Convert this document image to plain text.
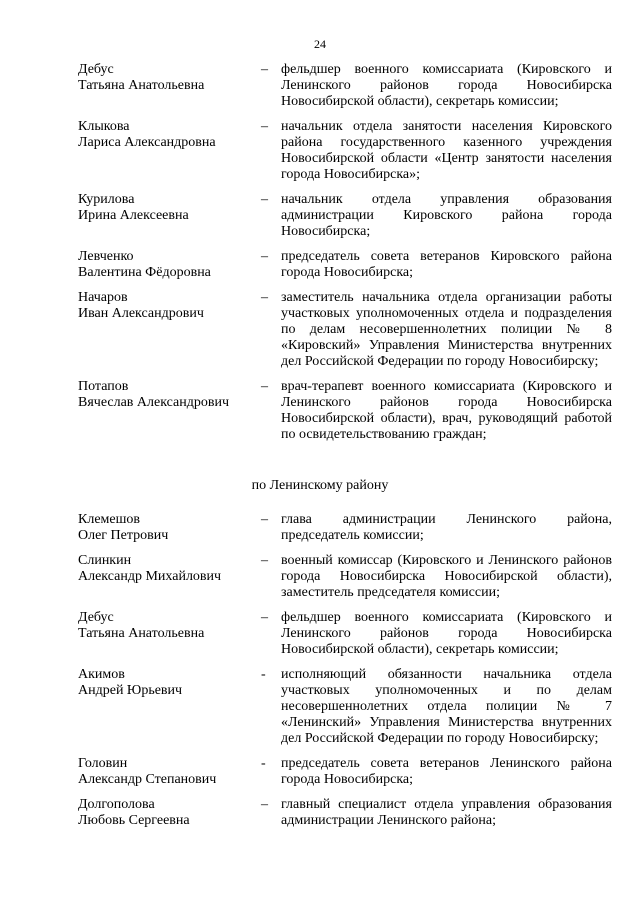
24
Дебус
Татьяна Анатольевна
– фельдшер военного комиссариата (Кировского и Ленинского районов города Новосибирска Новосибирской области), секретарь комиссии;
Клыкова
Лариса Александровна
– начальник отдела занятости населения Кировского района государственного казенного учреждения Новосибирской области «Центр занятости населения города Новосибирска»;
Курилова
Ирина Алексеевна
– начальник отдела управления образования администрации Кировского района города Новосибирска;
Левченко
Валентина Фёдоровна
– председатель совета ветеранов Кировского района города Новосибирска;
Начаров
Иван Александрович
– заместитель начальника отдела организации работы участковых уполномоченных отдела и подразделения по делам несовершеннолетних полиции № 8 «Кировский» Управления Министерства внутренних дел Российской Федерации по городу Новосибирску;
Потапов
Вячеслав Александрович
– врач-терапевт военного комиссариата (Кировского и Ленинского районов города Новосибирска Новосибирской области), врач, руководящий работой по освидетельствованию граждан;
по Ленинскому району
Клемешов
Олег Петрович
– глава администрации Ленинского района, председатель комиссии;
Слинкин
Александр Михайлович
– военный комиссар (Кировского и Ленинского районов города Новосибирска Новосибирской области), заместитель председателя комиссии;
Дебус
Татьяна Анатольевна
– фельдшер военного комиссариата (Кировского и Ленинского районов города Новосибирска Новосибирской области), секретарь комиссии;
Акимов
Андрей Юрьевич
-	исполняющий обязанности начальника отдела участковых уполномоченных и по делам несовершеннолетних отдела полиции № 7 «Ленинский» Управления Министерства внутренних дел Российской Федерации по городу Новосибирску;
Головин
Александр Степанович
-	председатель совета ветеранов Ленинского района города Новосибирска;
Долгополова
Любовь Сергеевна
– главный специалист отдела управления образования администрации Ленинского района;
